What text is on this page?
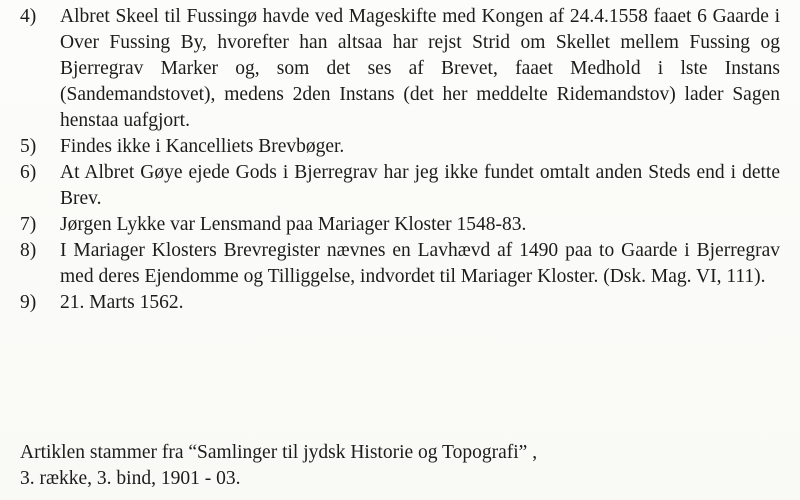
4)	Albret Skeel til Fussingø havde ved Mageskifte med Kongen af 24.4.1558 faaet 6 Gaarde i Over Fussing By, hvorefter han altsaa har rejst Strid om Skellet mellem Fussing og Bjerregrav Marker og, som det ses af Brevet, faaet Medhold i lste Instans (Sandemandstovet), medens 2den Instans (det her meddelte Ridemandstov) lader Sagen henstaa uafgjort.
5)	Findes ikke i Kancelliets Brevbøger.
6)	At Albret Gøye ejede Gods i Bjerregrav har jeg ikke fundet omtalt anden Steds end i dette Brev.
7)	Jørgen Lykke var Lensmand paa Mariager Kloster 1548-83.
8)	I Mariager Klosters Brevregister nævnes en Lavhævd af 1490 paa to Gaarde i Bjerregrav med deres Ejendomme og Tilliggelse, indvordet til Mariager Kloster. (Dsk. Mag. VI, 111).
9)	21. Marts 1562.
Artiklen stammer fra “Samlinger til jydsk Historie og Topografi” ,
3. række, 3. bind, 1901 - 03.
